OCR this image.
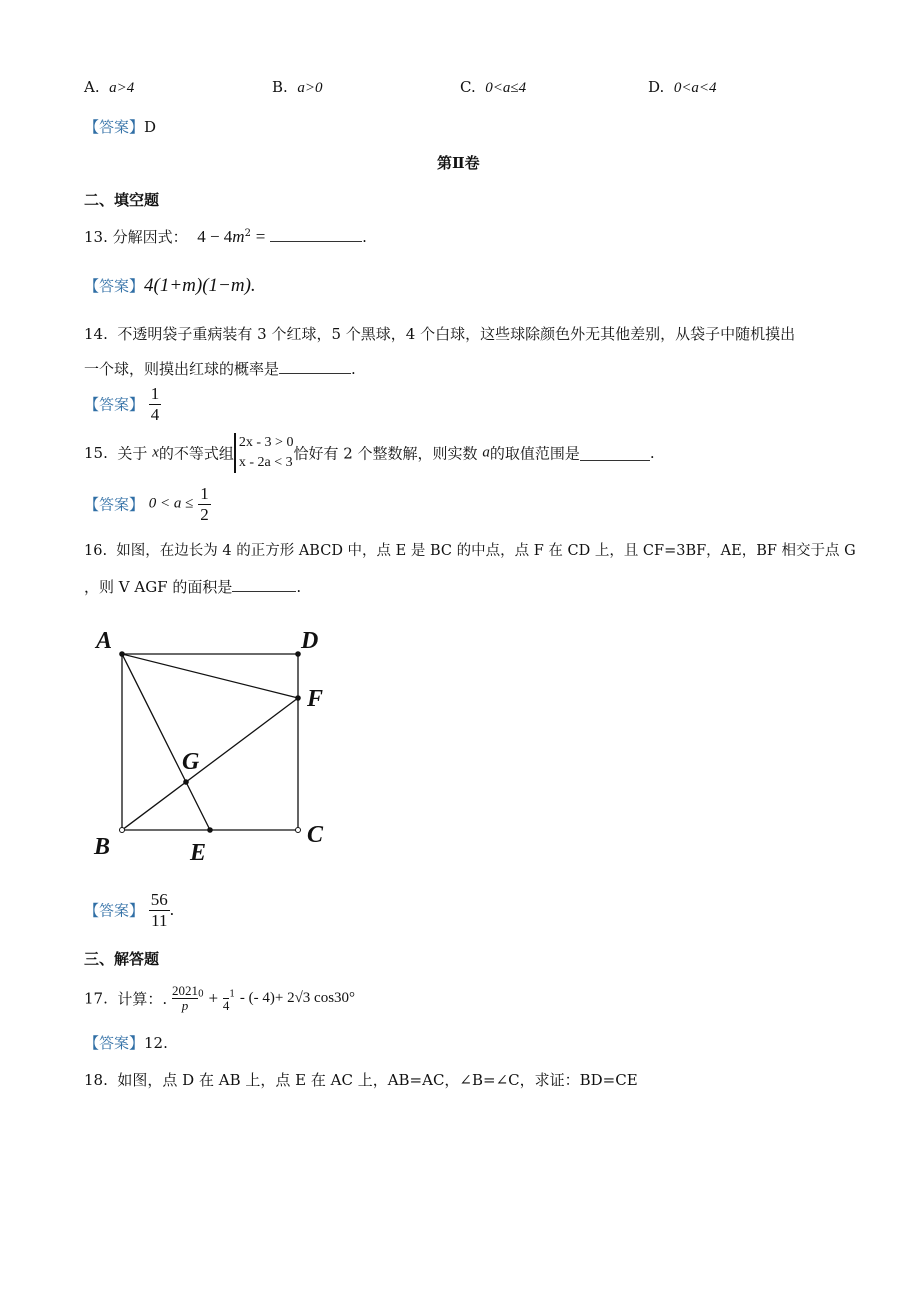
A. a>4	B. a>0	C. 0<a≤4	D. 0<a<4
【答案】D
第Ⅱ卷
二、填空题
13. 分解因式： $4 - 4m^2$ =	.
【答案】4(1+m)(1−m).
14. 不透明袋子重病装有 3 个红球，5 个黑球，4 个白球，这些球除颜色外无其他差别，从袋子中随机摸出
一个球，则摸出红球的概率是	.
【答案】 $\frac{1}{4}$
15. 关于 x的不等式组
2x - 3 > 0
x - 2a < 3 恰好有 2 个整数解，则实数 a的取值范围是	.
【答案】 $0 < a \le \frac{1}{2}$
16. 如图，在边长为 4 的正方形 ABCD 中，点 E 是 BC 的中点，点 F 在 CD 上，且 CF=3BF，AE，BF 相交于点 G
，则 V AGF 的面积是	.
A	D
F
G
B	E
C
【答案】 $\frac{56}{11}$ .
三、解答题
17. 计算：. $\frac{2021}{p} ^0$ +
4
$^1$ - (- 4)+ 2√3 cos30°
【答案】12.
18. 如图，点 D 在 AB 上，点 E 在 AC 上，AB=AC，∠B=∠C，求证：BD=CE
